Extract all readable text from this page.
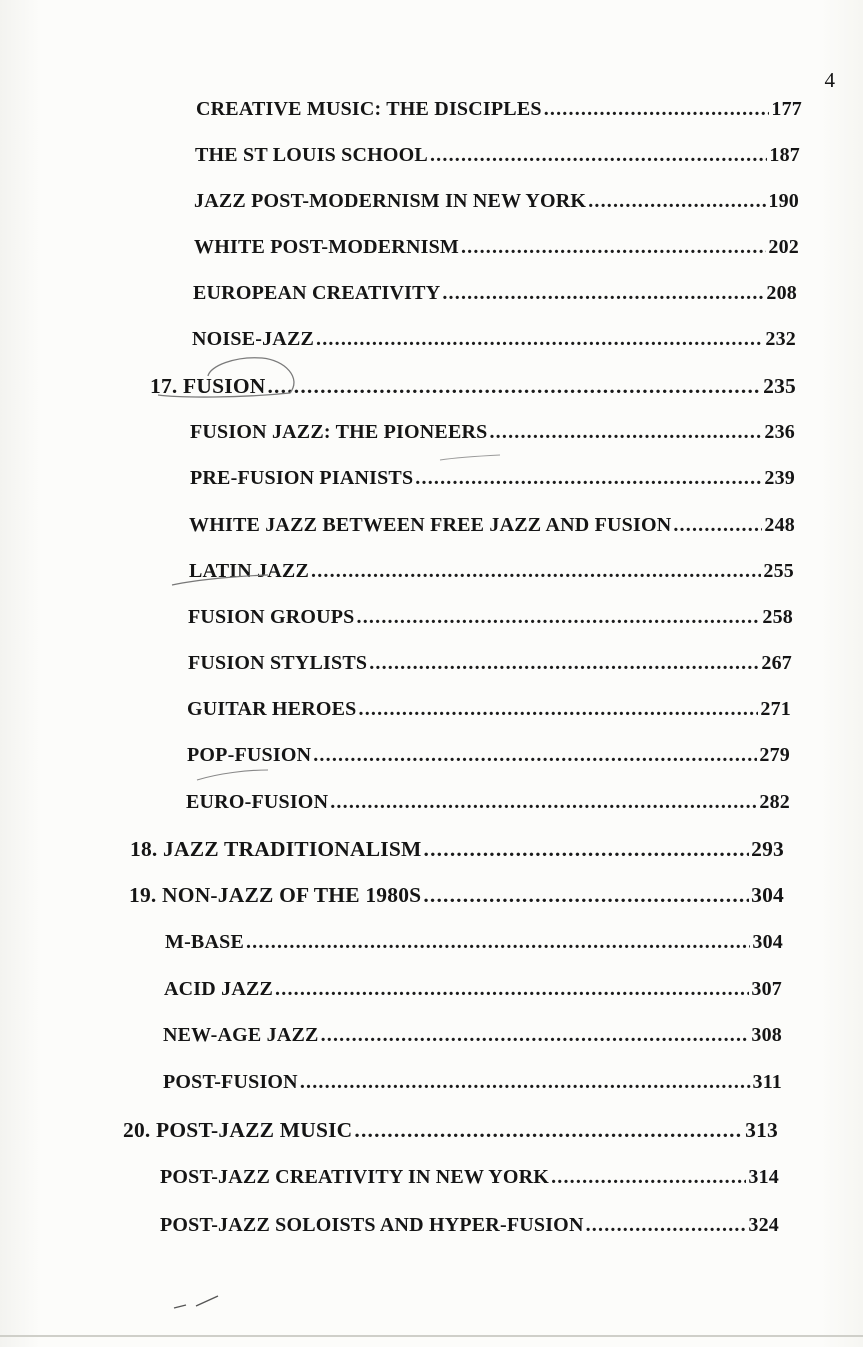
4
CREATIVE MUSIC: THE DISCIPLES .....	177
THE ST LOUIS SCHOOL .....	187
JAZZ POST-MODERNISM IN NEW YORK .....	190
WHITE POST-MODERNISM .....	202
EUROPEAN CREATIVITY .....	208
NOISE-JAZZ .....	232
17. FUSION .....	235
FUSION JAZZ: THE PIONEERS .....	236
PRE-FUSION PIANISTS .....	239
WHITE JAZZ BETWEEN FREE JAZZ AND FUSION .....	248
LATIN JAZZ .....	255
FUSION GROUPS .....	258
FUSION STYLISTS .....	267
GUITAR HEROES .....	271
POP-FUSION .....	279
EURO-FUSION .....	282
18. JAZZ TRADITIONALISM .....	293
19. NON-JAZZ OF THE 1980S .....	304
M-BASE .....	304
ACID JAZZ .....	307
NEW-AGE JAZZ .....	308
POST-FUSION .....	311
20. POST-JAZZ MUSIC .....	313
POST-JAZZ CREATIVITY IN NEW YORK .....	314
POST-JAZZ SOLOISTS AND HYPER-FUSION .....	324
